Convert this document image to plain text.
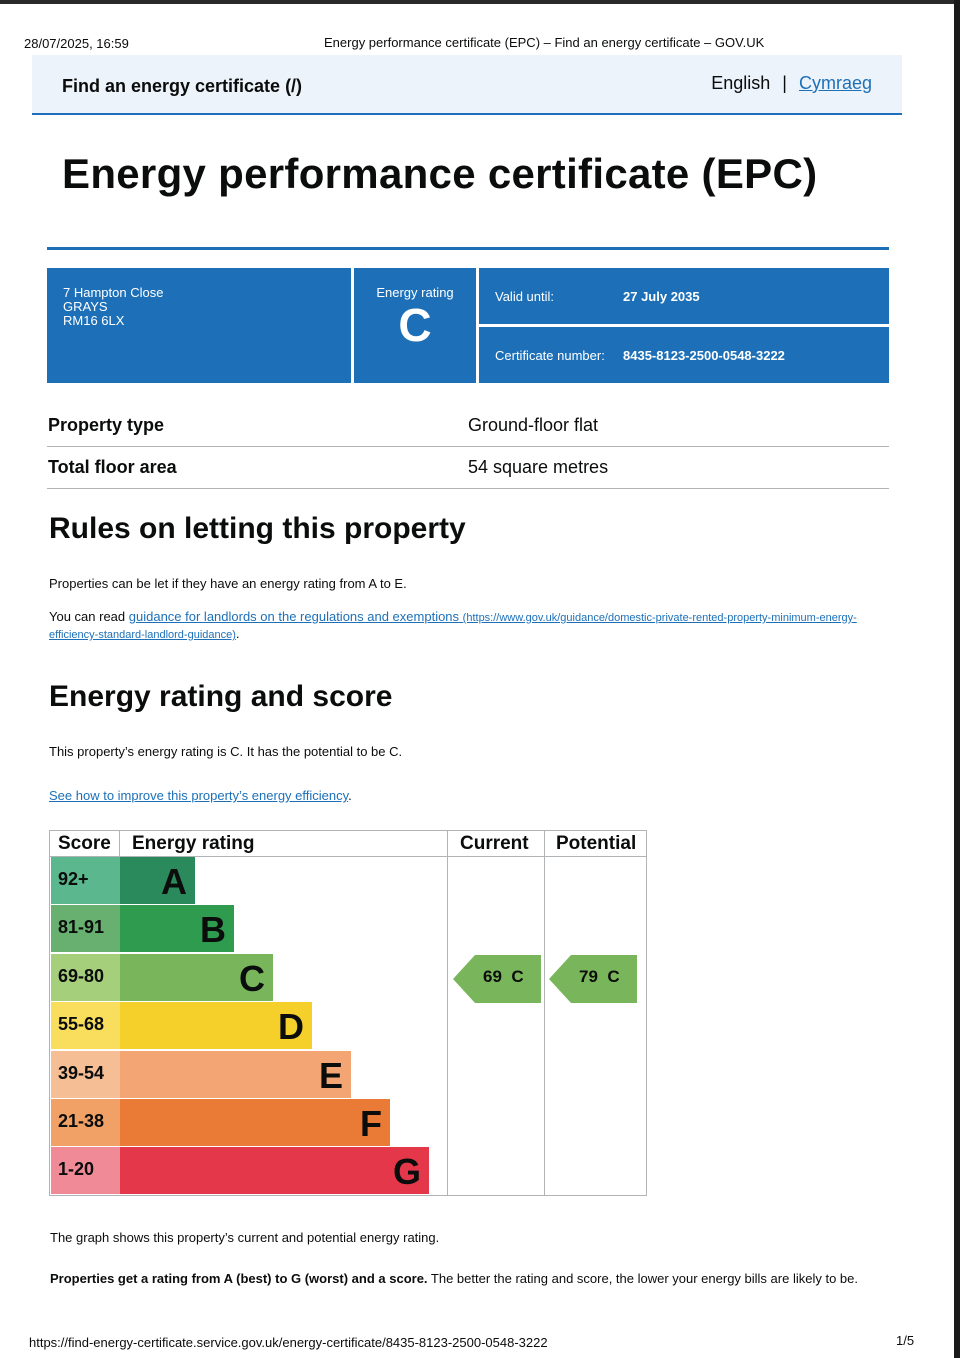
28/07/2025, 16:59	Energy performance certificate (EPC) – Find an energy certificate – GOV.UK
Find an energy certificate (/)	English | Cymraeg
Energy performance certificate (EPC)
7 Hampton Close
GRAYS
RM16 6LX
Energy rating
C
Valid until:	27 July 2035
Certificate number:	8435-8123-2500-0548-3222
Property type	Ground-floor flat
Total floor area	54 square metres
Rules on letting this property
Properties can be let if they have an energy rating from A to E.
You can read guidance for landlords on the regulations and exemptions (https://www.gov.uk/guidance/domestic-private-rented-property-minimum-energy-
efficiency-standard-landlord-guidance).
Energy rating and score
This property’s energy rating is C. It has the potential to be C.
See how to improve this property’s energy efficiency.
Score Energy rating	Current Potential
92+	A
81-91	B
69-80	C
55-68	D
39-54	E
21-38	F
1-20	G
69  C	79  C
The graph shows this property’s current and potential energy rating.
Properties get a rating from A (best) to G (worst) and a score. The better the rating and score, the lower your energy bills are likely to be.
https://find-energy-certificate.service.gov.uk/energy-certificate/8435-8123-2500-0548-3222	1/5
